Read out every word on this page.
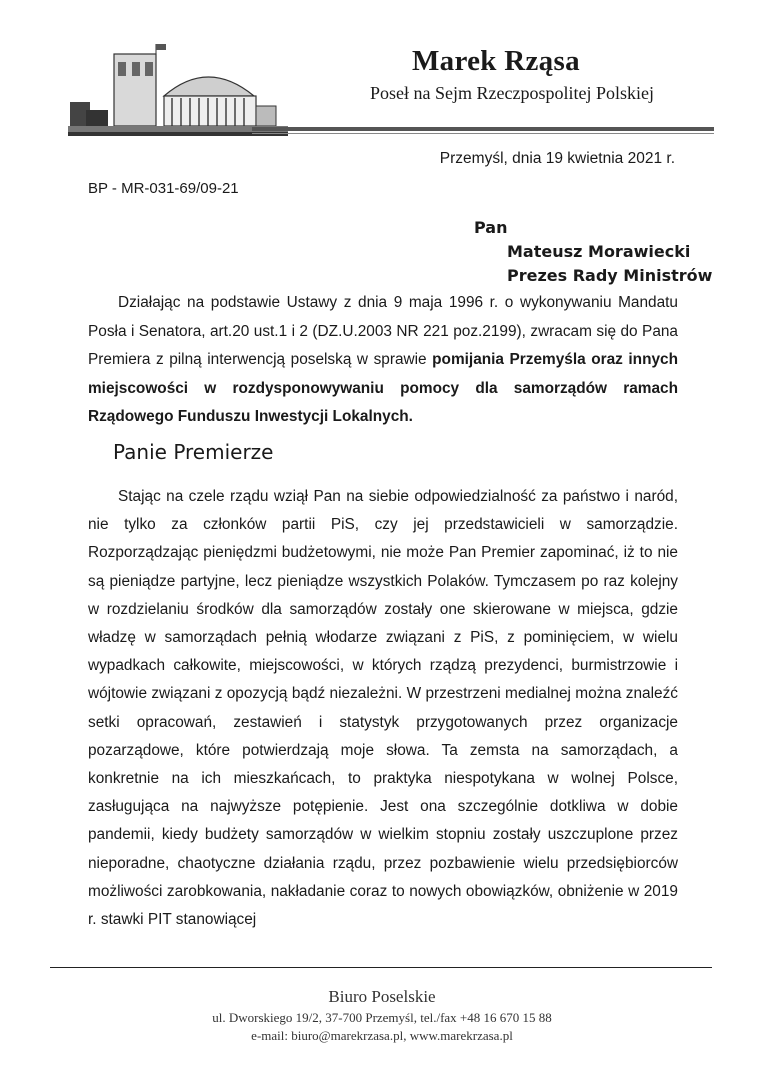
Marek Rząsa
Poseł na Sejm Rzeczpospolitej Polskiej
Przemyśl, dnia 19 kwietnia 2021 r.
BP - MR-031-69/09-21
Pan
Mateusz Morawiecki
Prezes Rady Ministrów
Działając na podstawie Ustawy z dnia 9 maja 1996 r. o wykonywaniu Mandatu Posła i Senatora, art.20 ust.1 i 2 (DZ.U.2003 NR 221 poz.2199), zwracam się do Pana Premiera z pilną interwencją poselską w sprawie pomijania Przemyśla oraz innych miejscowości w rozdysponowywaniu pomocy dla samorządów ramach Rządowego Funduszu Inwestycji Lokalnych.
Panie Premierze
Stając na czele rządu wziął Pan na siebie odpowiedzialność za państwo i naród, nie tylko za członków partii PiS, czy jej przedstawicieli w samorządzie. Rozporządzając pieniędzmi budżetowymi, nie może Pan Premier zapominać, iż to nie są pieniądze partyjne, lecz pieniądze wszystkich Polaków. Tymczasem po raz kolejny w rozdzielaniu środków dla samorządów zostały one skierowane w miejsca, gdzie władzę w samorządach pełnią włodarze związani z PiS, z pominięciem, w wielu wypadkach całkowite, miejscowości, w których rządzą prezydenci, burmistrzowie i wójtowie związani z opozycją bądź niezależni. W przestrzeni medialnej można znaleźć setki opracowań, zestawień i statystyk przygotowanych przez organizacje pozarządowe, które potwierdzają moje słowa. Ta zemsta na samorządach, a konkretnie na ich mieszkańcach, to praktyka niespotykana w wolnej Polsce, zasługująca na najwyższe potępienie. Jest ona szczególnie dotkliwa w dobie pandemii, kiedy budżety samorządów w wielkim stopniu zostały uszczuplone przez nieporadne, chaotyczne działania rządu, przez pozbawienie wielu przedsiębiorców możliwości zarobkowania, nakładanie coraz to nowych obowiązków, obniżenie w 2019 r. stawki PIT stanowiącej
Biuro Poselskie
ul. Dworskiego 19/2, 37-700 Przemyśl, tel./fax +48 16 670 15 88
e-mail: biuro@marekrzasa.pl, www.marekrzasa.pl
